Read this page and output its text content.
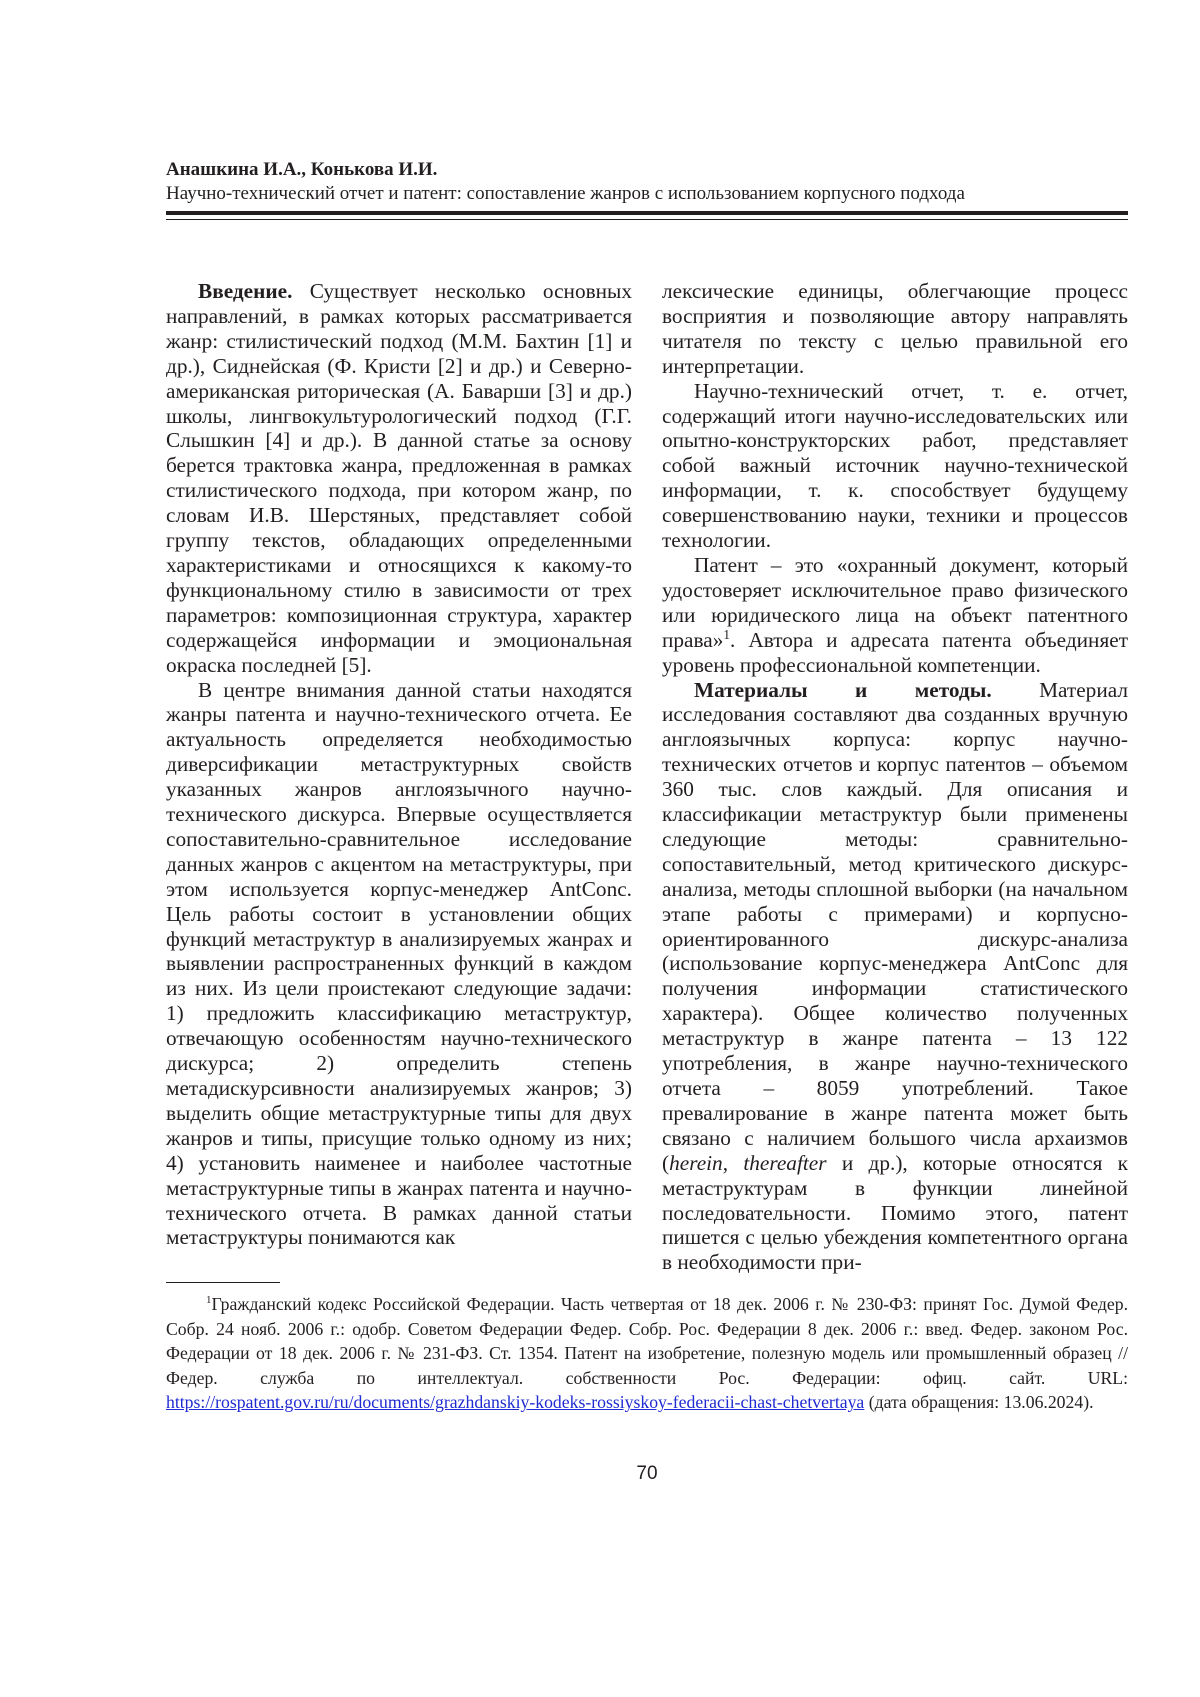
Анашкина И.А., Конькова И.И.

Научно-технический отчет и патент: сопоставление жанров с использованием корпусного подхода

Введение. Существует несколько основных направлений, в рамках которых рассматривается жанр: стилистический подход (М.М. Бахтин [1] и др.), Сиднейская (Ф. Кристи [2] и др.) и Северно-американская риторическая (А. Баварши [3] и др.) школы, лингвокультурологический подход (Г.Г. Слышкин [4] и др.). В данной статье за основу берется трактовка жанра, предложенная в рамках стилистического подхода, при котором жанр, по словам И.В. Шерстяных, представляет собой группу текстов, обладающих определенными характеристиками и относящихся к какому-то функциональному стилю в зависимости от трех параметров: композиционная структура, характер содержащейся информации и эмоциональная окраска последней [5].

В центре внимания данной статьи находятся жанры патента и научно-технического отчета. Ее актуальность определяется необходимостью диверсификации метаструктурных свойств указанных жанров англоязычного научно-технического дискурса. Впервые осуществляется сопоставительно-сравнительное исследование данных жанров с акцентом на метаструктуры, при этом используется корпус-менеджер AntConc. Цель работы состоит в установлении общих функций метаструктур в анализируемых жанрах и выявлении распространенных функций в каждом из них. Из цели проистекают следующие задачи: 1) предложить классификацию метаструктур, отвечающую особенностям научно-технического дискурса; 2) определить степень метадискурсивности анализируемых жанров; 3) выделить общие метаструктурные типы для двух жанров и типы, присущие только одному из них; 4) установить наименее и наиболее частотные метаструктурные типы в жанрах патента и научно-технического отчета. В рамках данной статьи метаструктуры понимаются как

лексические единицы, облегчающие процесс восприятия и позволяющие автору направлять читателя по тексту с целью правильной его интерпретации.

Научно-технический отчет, т. е. отчет, содержащий итоги научно-исследовательских или опытно-конструкторских работ, представляет собой важный источник научно-технической информации, т. к. способствует будущему совершенствованию науки, техники и процессов технологии.

Патент – это «охранный документ, который удостоверяет исключительное право физического или юридического лица на объект патентного права»$^1$. Автора и адресата патента объединяет уровень профессиональной компетенции.

Материалы и методы. Материал исследования составляют два созданных вручную англоязычных корпуса: корпус научно-технических отчетов и корпус патентов – объемом 360 тыс. слов каждый. Для описания и классификации метаструктур были применены следующие методы: сравнительно-сопоставительный, метод критического дискурс-анализа, методы сплошной выборки (на начальном этапе работы с примерами) и корпусно-ориентированного дискурс-анализа (использование корпус-менеджера AntConc для получения информации статистического характера). Общее количество полученных метаструктур в жанре патента – 13 122 употребления, в жанре научно-технического отчета – 8059 употреблений. Такое превалирование в жанре патента может быть связано с наличием большого числа архаизмов (herein, thereafter и др.), которые относятся к метаструктурам в функции линейной последовательности. Помимо этого, патент пишется с целью убеждения компетентного органа в необходимости при-

$^1$Гражданский кодекс Российской Федерации. Часть четвертая от 18 дек. 2006 г. № 230-ФЗ: принят Гос. Думой Федер. Собр. 24 нояб. 2006 г.: одобр. Советом Федерации Федер. Собр. Рос. Федерации 8 дек. 2006 г.: введ. Федер. законом Рос. Федерации от 18 дек. 2006 г. № 231-ФЗ. Ст. 1354. Патент на изобретение, полезную модель или промышленный образец // Федер. служба по интеллектуал. собственности Рос. Федерации: офиц. сайт. URL: https://rospatent.gov.ru/ru/documents/grazhdanskiy-kodeks-rossiyskoy-federacii-chast-chetvertaya (дата обращения: 13.06.2024).

70
